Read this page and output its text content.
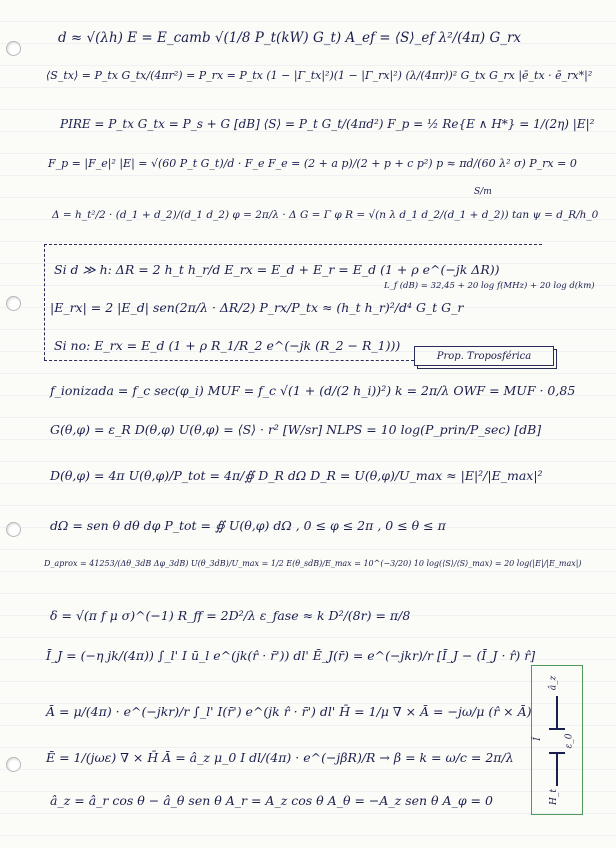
d ≈ √(λh) E = E_camb √(1/8 P_t(kW) G_t) A_ef = ⟨S⟩_ef λ²/(4π) G_rx
⟨S_tx⟩ = P_tx G_tx/(4πr²) = P_rx = P_tx (1 − |Γ_tx|²)(1 − |Γ_rx|²) (λ/(4πr))² G_tx G_rx |ē_tx · ē_rx*|²
PIRE = P_tx G_tx = P_s + G [dB] ⟨S⟩ = P_t G_t/(4πd²) F_p = ½ Re{E ∧ H*} = 1/(2η) |E|²
F_p = |F_e|² |E| = √(60 P_t G_t)/d · F_e F_e = (2 + a p)/(2 + p + c p²) p ≈ πd/(60 λ² σ) P_rx = 0
S/m
Δ = h_t²/2 · (d_1 + d_2)/(d_1 d_2) φ = 2π/λ · Δ G = Γ φ R = √(n λ d_1 d_2/(d_1 + d_2)) tan ψ = d_R/h_0
Si d ≫ h: ΔR = 2 h_t h_r/d E_rx = E_d + E_r = E_d (1 + ρ e^(−jk ΔR))
L_f (dB) = 32,45 + 20 log f(MHz) + 20 log d(km)
|E_rx| = 2 |E_d| sen(2π/λ · ΔR/2) P_rx/P_tx ≈ (h_t h_r)²/d⁴ G_t G_r
Si no: E_rx = E_d (1 + ρ R_1/R_2 e^(−jk (R_2 − R_1)))
Prop. Troposférica
f_ionizada = f_c sec(φ_i) MUF = f_c √(1 + (d/(2 h_i))²) k = 2π/λ OWF = MUF · 0,85
G(θ,φ) = ε_R D(θ,φ) U(θ,φ) = ⟨S⟩ · r² [W/sr] NLPS = 10 log(P_prin/P_sec) [dB]
D(θ,φ) = 4π U(θ,φ)/P_tot = 4π/∯ D_R dΩ D_R = U(θ,φ)/U_max ≈ |E|²/|E_max|²
dΩ = sen θ dθ dφ P_tot = ∯ U(θ,φ) dΩ , 0 ≤ φ ≤ 2π , 0 ≤ θ ≤ π
D_aprox = 41253/(Δθ_3dB Δφ_3dB) U(θ_3dB)/U_max = 1/2 E(θ_sdB)/E_max = 10^(−3/20) 10 log(⟨S⟩/⟨S⟩_max) = 20 log(|E|/|E_max|)
δ = √(π f μ σ)^(−1) R_ff = 2D²/λ ε_fase ≈ k D²/(8r) = π/8
Ī_J = (−η jk/(4π)) ∫_l' I ū_l e^(jk(r̂ · r̄')) dl' Ē_J(r̄) = e^(−jkr)/r [Ī_J − (Ī_J · r̂) r̂]
Ā = μ/(4π) · e^(−jkr)/r ∫_l' I(r̄') e^(jk r̂ · r̄') dl' H̄ = 1/μ ∇ × Ā = −jω/μ (r̂ × Ā)
Ē = 1/(jωε) ∇ × H̄ Ā = â_z μ_0 I dl/(4π) · e^(−jβR)/R → β = k = ω/c = 2π/λ
â_z = â_r cos θ − â_θ sen θ A_r = A_z cos θ A_θ = −A_z sen θ A_φ = 0
â_z
Ī ε_0
H_t
